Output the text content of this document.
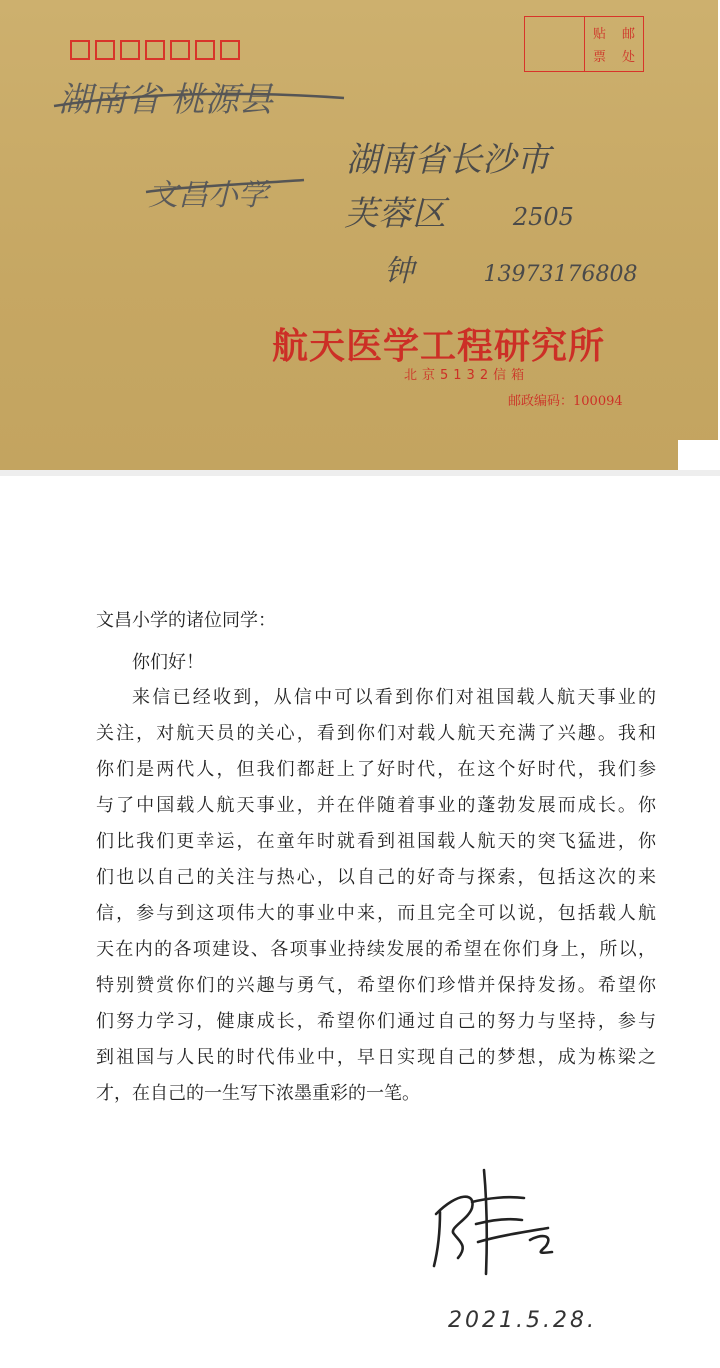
贴 邮
票 处
湖南省 桃源县
文昌小学
湖南省长沙市
芙蓉区	2505
钟	13973176808
航天医学工程研究所
北京5132信箱
邮政编码：100094
文昌小学的诸位同学：
你们好！
来信已经收到，从信中可以看到你们对祖国载人航天事业的
关注，对航天员的关心，看到你们对载人航天充满了兴趣。我和
你们是两代人，但我们都赶上了好时代，在这个好时代，我们参
与了中国载人航天事业，并在伴随着事业的蓬勃发展而成长。你
们比我们更幸运，在童年时就看到祖国载人航天的突飞猛进，你
们也以自己的关注与热心，以自己的好奇与探索，包括这次的来
信，参与到这项伟大的事业中来，而且完全可以说，包括载人航
天在内的各项建设、各项事业持续发展的希望在你们身上，所以，
特别赞赏你们的兴趣与勇气，希望你们珍惜并保持发扬。希望你
们努力学习，健康成长，希望你们通过自己的努力与坚持，参与
到祖国与人民的时代伟业中，早日实现自己的梦想，成为栋梁之
才，在自己的一生写下浓墨重彩的一笔。
2021.5.28.
